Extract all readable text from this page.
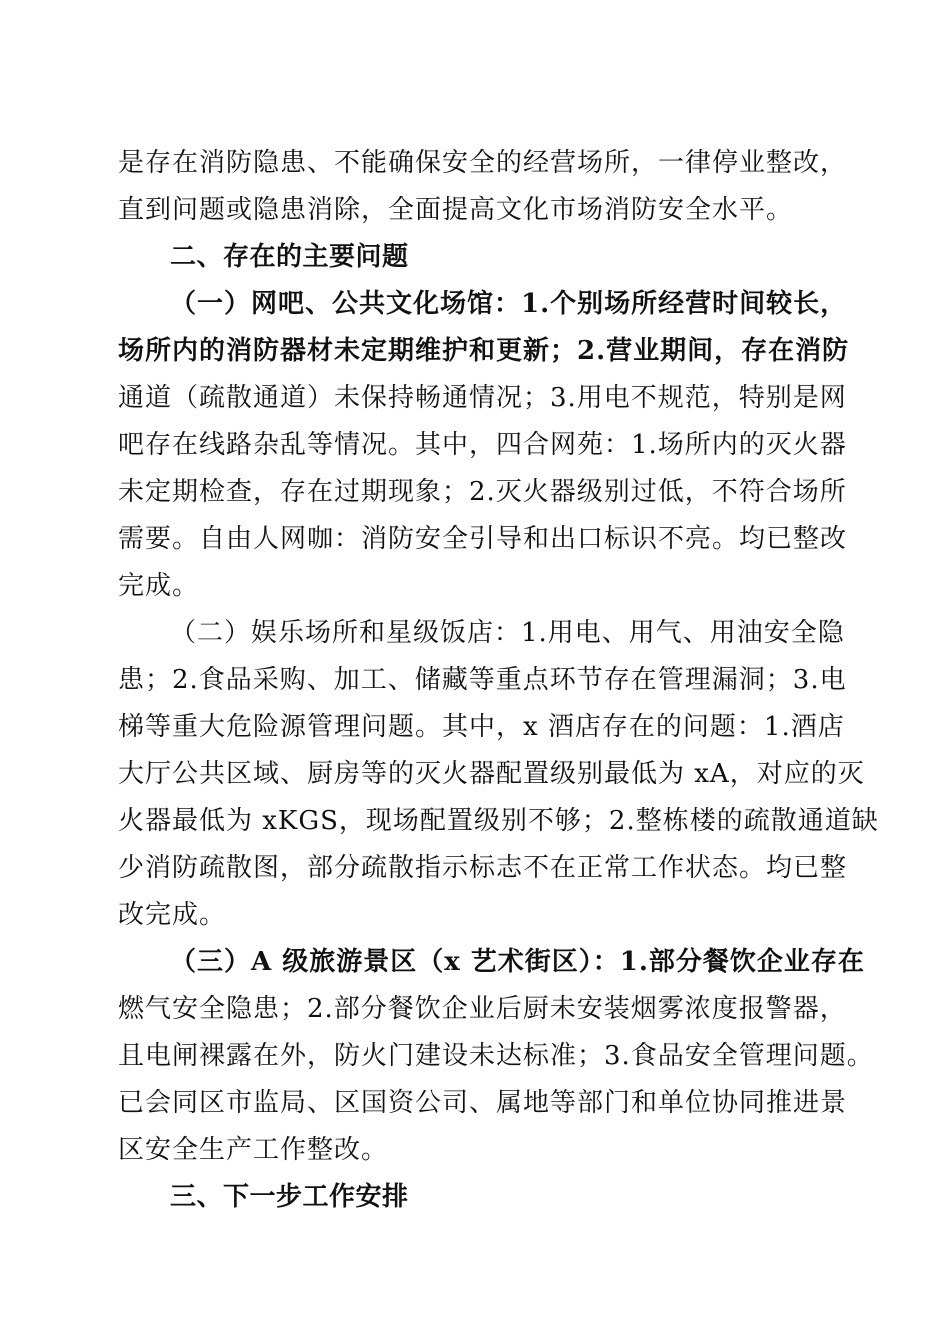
是存在消防隐患、不能确保安全的经营场所，一律停业整改，
直到问题或隐患消除，全面提高文化市场消防安全水平。
二、存在的主要问题
（一）网吧、公共文化场馆：1.个别场所经营时间较长，
场所内的消防器材未定期维护和更新；2.营业期间，存在消防
通道（疏散通道）未保持畅通情况；3.用电不规范，特别是网
吧存在线路杂乱等情况。其中，四合网苑：1.场所内的灭火器
未定期检查，存在过期现象；2.灭火器级别过低，不符合场所
需要。自由人网咖：消防安全引导和出口标识不亮。均已整改
完成。
（二）娱乐场所和星级饭店：1.用电、用气、用油安全隐
患；2.食品采购、加工、储藏等重点环节存在管理漏洞；3.电
梯等重大危险源管理问题。其中，x 酒店存在的问题：1.酒店
大厅公共区域、厨房等的灭火器配置级别最低为 xA，对应的灭
火器最低为 xKGS，现场配置级别不够；2.整栋楼的疏散通道缺
少消防疏散图，部分疏散指示标志不在正常工作状态。均已整
改完成。
（三）A 级旅游景区（x 艺术街区）：1.部分餐饮企业存在
燃气安全隐患；2.部分餐饮企业后厨未安装烟雾浓度报警器，
且电闸裸露在外，防火门建设未达标准；3.食品安全管理问题。
已会同区市监局、区国资公司、属地等部门和单位协同推进景
区安全生产工作整改。
三、下一步工作安排
